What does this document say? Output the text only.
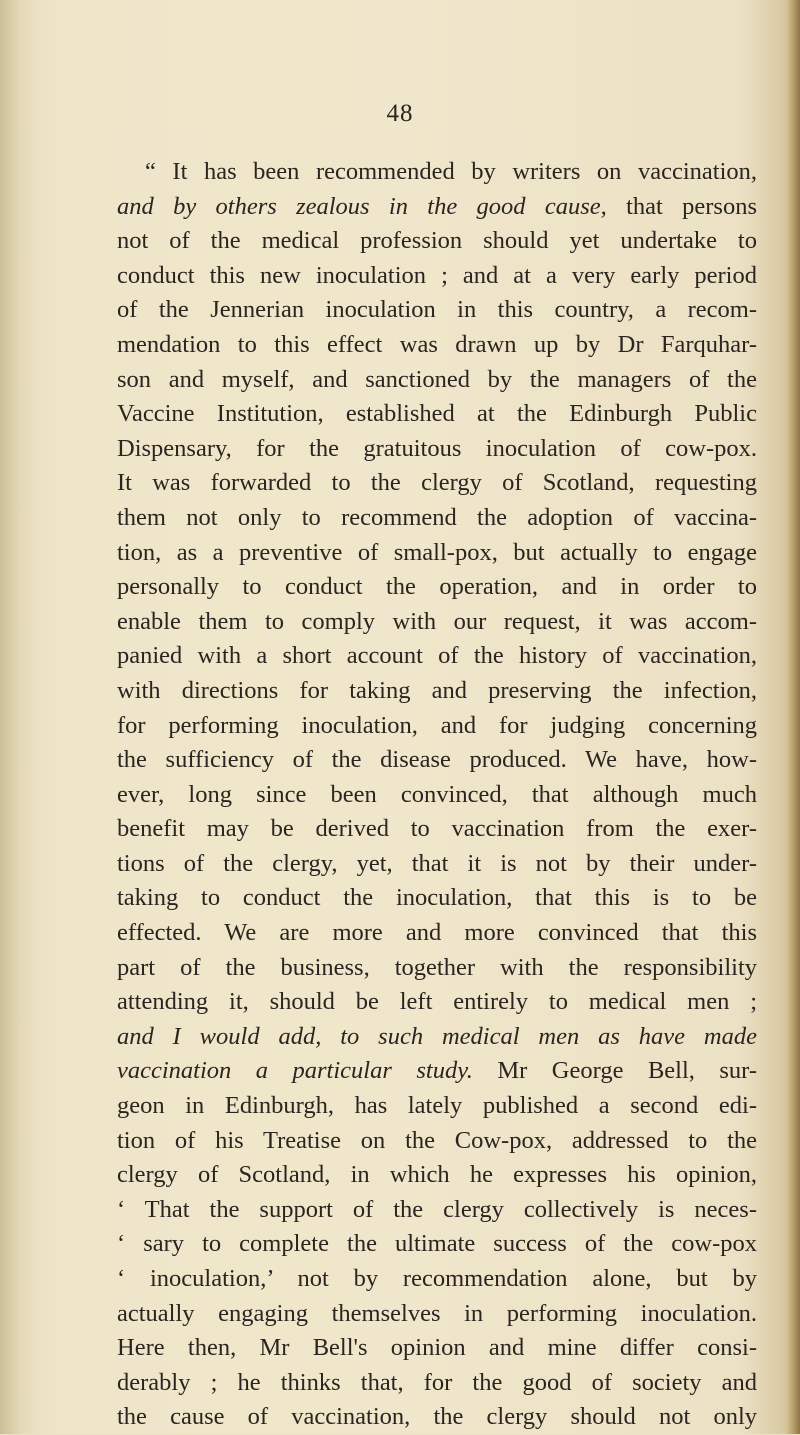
48
“ It has been recommended by writers on vaccination,
and by others zealous in the good cause, that persons
not of the medical profession should yet undertake to
conduct this new inoculation ; and at a very early period
of the Jennerian inoculation in this country, a recom-
mendation to this effect was drawn up by Dr Farquhar-
son and myself, and sanctioned by the managers of the
Vaccine Institution, established at the Edinburgh Public
Dispensary, for the gratuitous inoculation of cow-pox.
It was forwarded to the clergy of Scotland, requesting
them not only to recommend the adoption of vaccina-
tion, as a preventive of small-pox, but actually to engage
personally to conduct the operation, and in order to
enable them to comply with our request, it was accom-
panied with a short account of the history of vaccination,
with directions for taking and preserving the infection,
for performing inoculation, and for judging concerning
the sufficiency of the disease produced. We have, how-
ever, long since been convinced, that although much
benefit may be derived to vaccination from the exer-
tions of the clergy, yet, that it is not by their under-
taking to conduct the inoculation, that this is to be
effected. We are more and more convinced that this
part of the business, together with the responsibility
attending it, should be left entirely to medical men ;
and I would add, to such medical men as have made
vaccination a particular study. Mr George Bell, sur-
geon in Edinburgh, has lately published a second edi-
tion of his Treatise on the Cow-pox, addressed to the
clergy of Scotland, in which he expresses his opinion,
‘ That the support of the clergy collectively is neces-
‘ sary to complete the ultimate success of the cow-pox
‘ inoculation,’ not by recommendation alone, but by
actually engaging themselves in performing inoculation.
Here then, Mr Bell's opinion and mine differ consi-
derably ; he thinks that, for the good of society and
the cause of vaccination, the clergy should not only
